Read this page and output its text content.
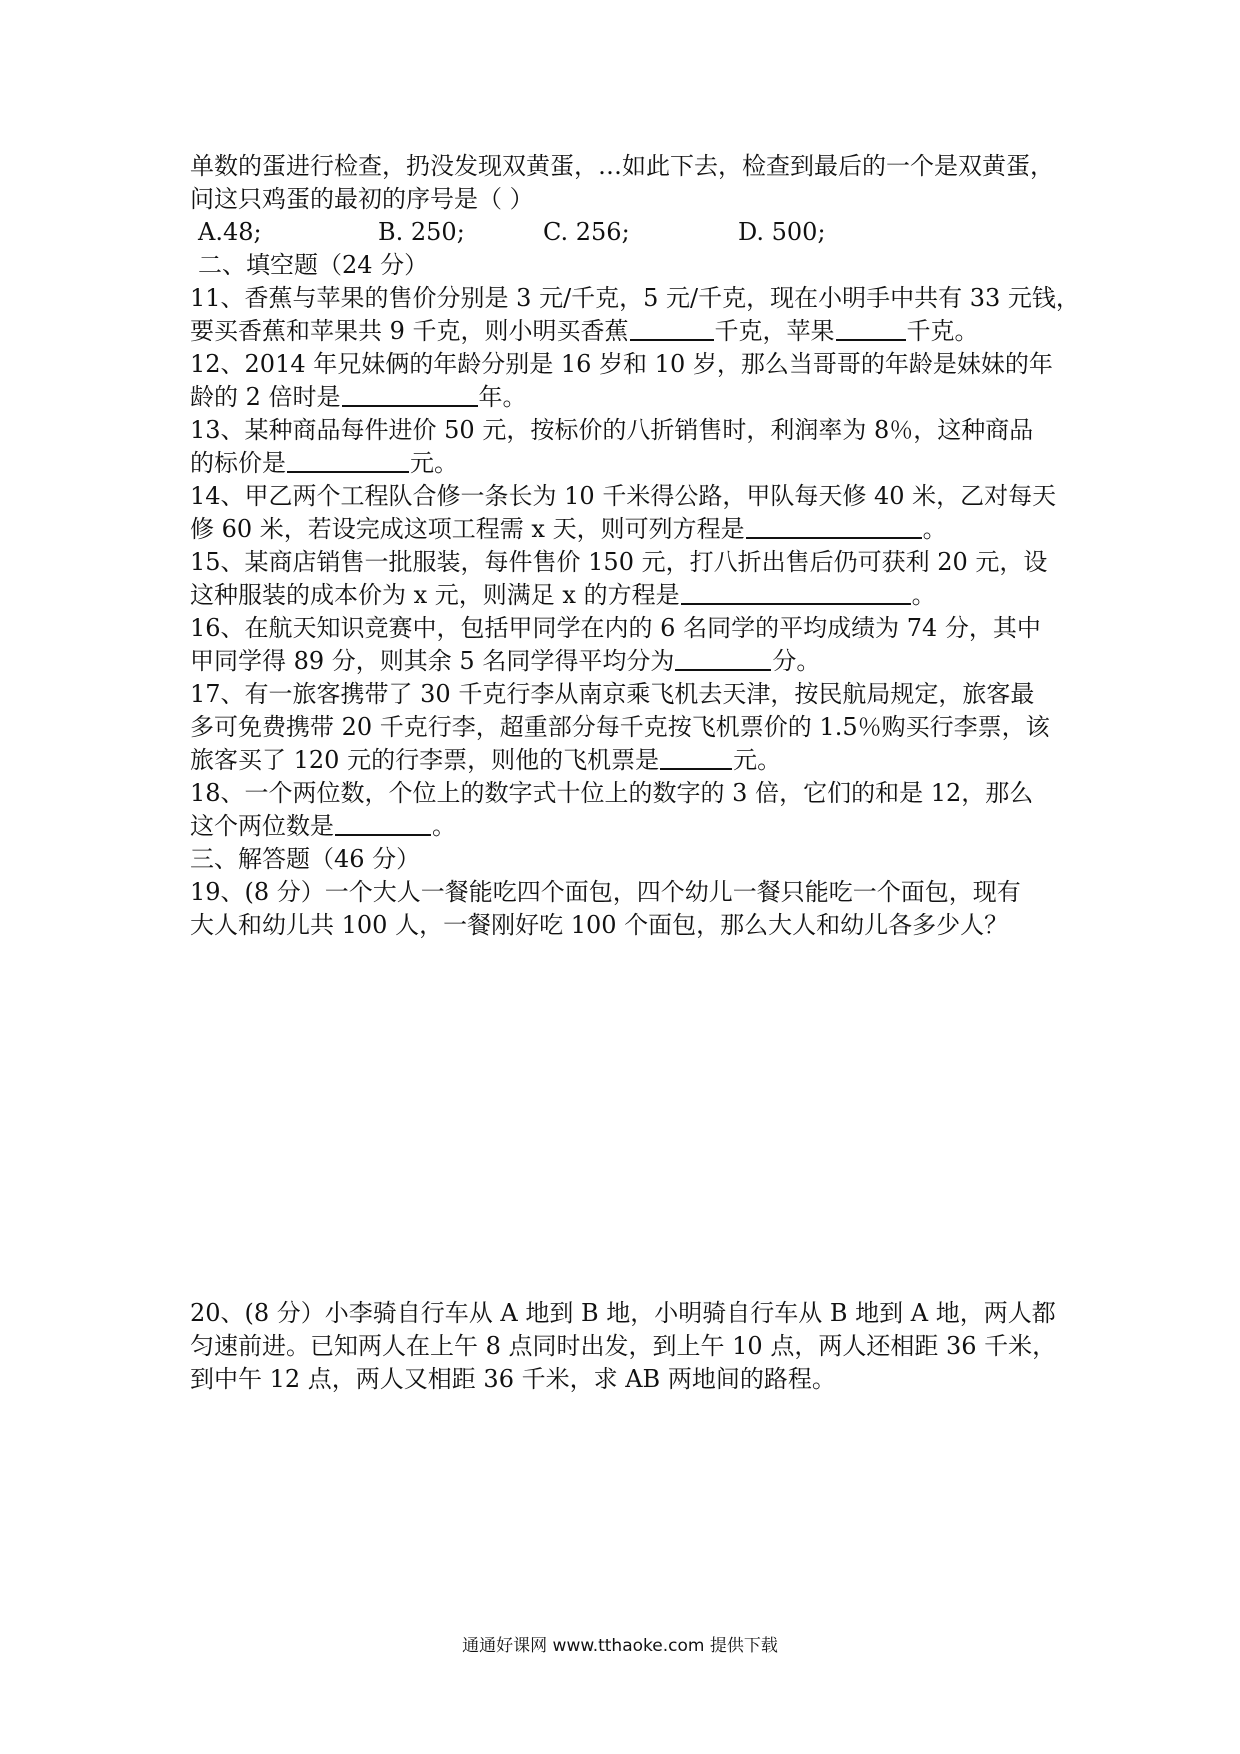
单数的蛋进行检查，扔没发现双黄蛋，…如此下去，检查到最后的一个是双黄蛋，
问这只鸡蛋的最初的序号是（ ）
A.48;	B. 250;	C. 256;	D. 500;
二、填空题（24 分）
11、香蕉与苹果的售价分别是 3 元/千克，5 元/千克，现在小明手中共有 33 元钱，
要买香蕉和苹果共 9 千克，则小明买香蕉	千克，苹果	千克。
12、2014 年兄妹俩的年龄分别是 16 岁和 10 岁，那么当哥哥的年龄是妹妹的年
龄的 2 倍时是	年。
13、某种商品每件进价 50 元，按标价的八折销售时，利润率为 8％，这种商品
的标价是	元。
14、甲乙两个工程队合修一条长为 10 千米得公路，甲队每天修 40 米，乙对每天
修 60 米，若设完成这项工程需 x 天，则可列方程是	。
15、某商店销售一批服装，每件售价 150 元，打八折出售后仍可获利 20 元，设
这种服装的成本价为 x 元，则满足 x 的方程是	。
16、在航天知识竞赛中，包括甲同学在内的 6 名同学的平均成绩为 74 分，其中
甲同学得 89 分，则其余 5 名同学得平均分为	分。
17、有一旅客携带了 30 千克行李从南京乘飞机去天津，按民航局规定，旅客最
多可免费携带 20 千克行李，超重部分每千克按飞机票价的 1.5％购买行李票，该
旅客买了 120 元的行李票，则他的飞机票是	元。
18、一个两位数，个位上的数字式十位上的数字的 3 倍，它们的和是 12，那么
这个两位数是	。
三、解答题（46 分）
19、(8 分）一个大人一餐能吃四个面包，四个幼儿一餐只能吃一个面包，现有
大人和幼儿共 100 人，一餐刚好吃 100 个面包，那么大人和幼儿各多少人？
20、(8 分）小李骑自行车从 A 地到 B 地，小明骑自行车从 B 地到 A 地，两人都
匀速前进。已知两人在上午 8 点同时出发，到上午 10 点，两人还相距 36 千米，
到中午 12 点，两人又相距 36 千米，求 AB 两地间的路程。
通通好课网 www.tthaoke.com 提供下载
